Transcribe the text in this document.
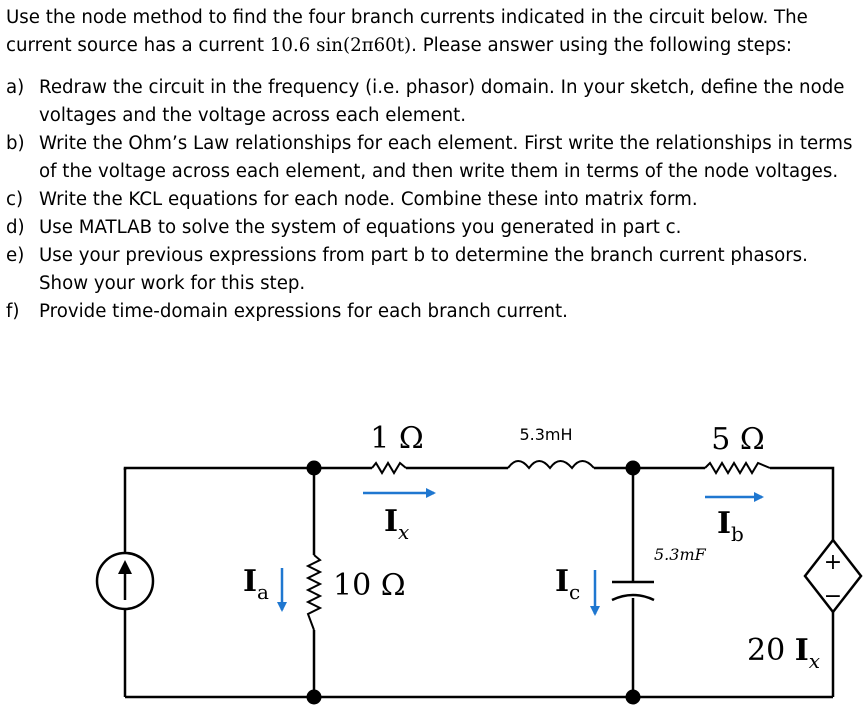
Use the node method to find the four branch currents indicated in the circuit below. The
current source has a current 10.6 sin(2π60t). Please answer using the following steps:
a) Redraw the circuit in the frequency (i.e. phasor) domain. In your sketch, define the node voltages and the voltage across each element.
b) Write the Ohm’s Law relationships for each element. First write the relationships in terms of the voltage across each element, and then write them in terms of the node voltages.
c) Write the KCL equations for each node. Combine these into matrix form.
d) Use MATLAB to solve the system of equations you generated in part c.
e) Use your previous expressions from part b to determine the branch current phasors. Show your work for this step.
f)	Provide time-domain expressions for each branch current.
1 Ω	5.3mH	5 Ω
10 Ω
5.3mF	+
−
20 $I_x$
$I_x$	$I_b$
$I_a$	$I_c$
